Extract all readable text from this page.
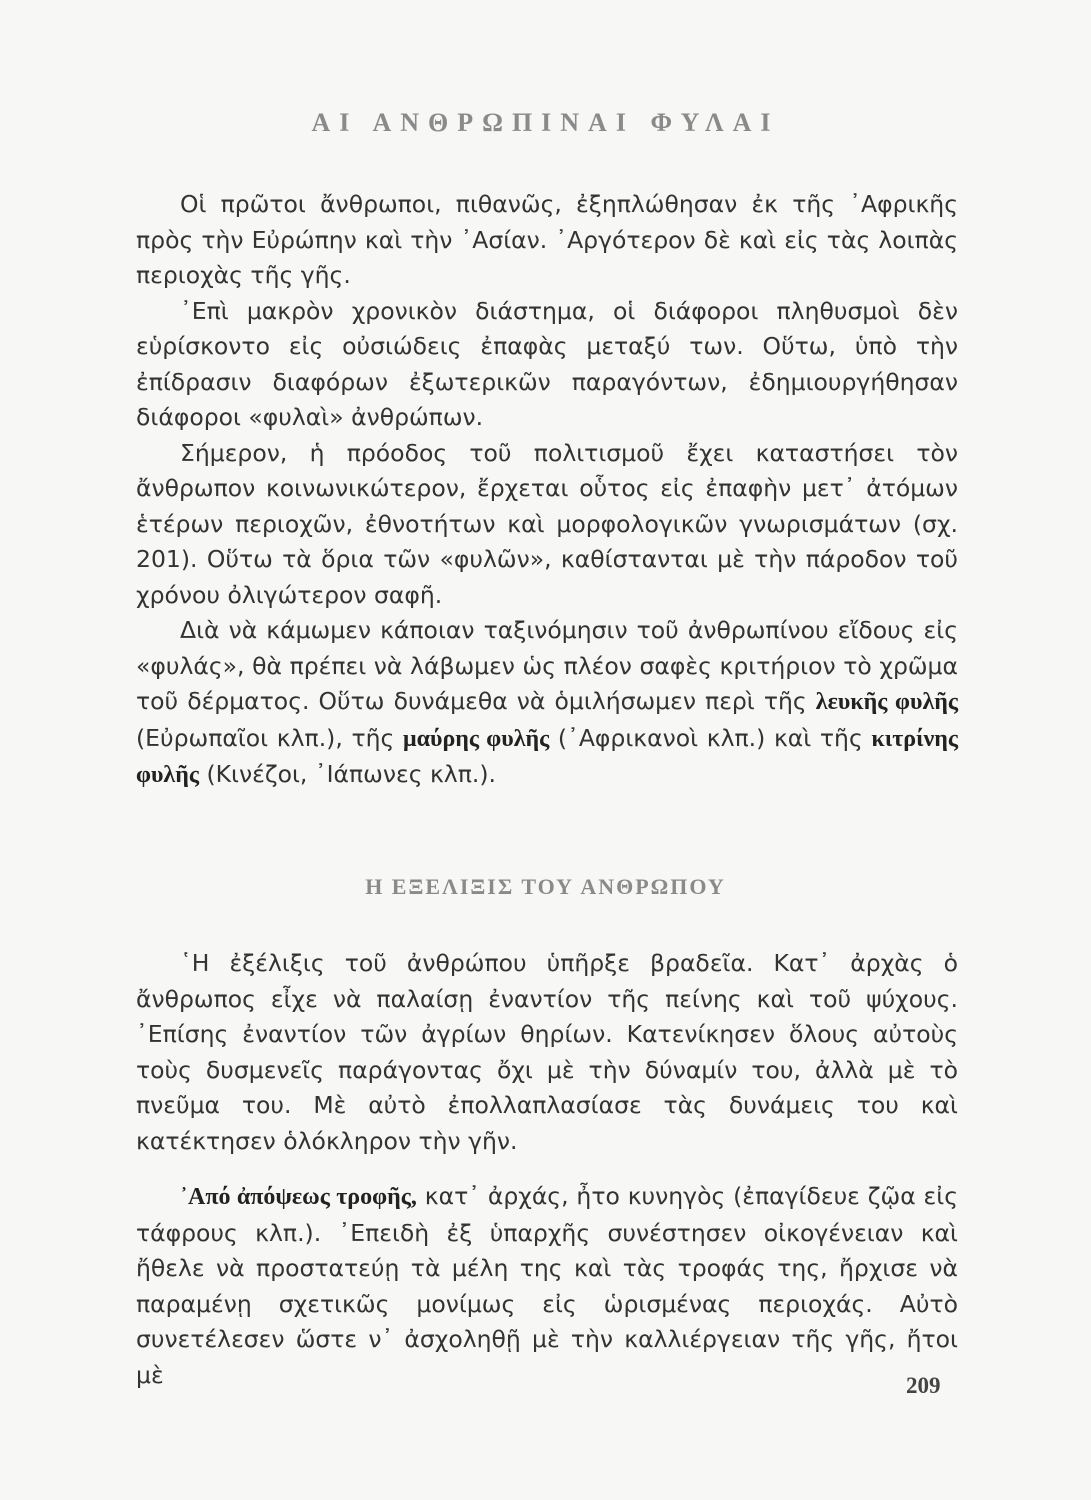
ΑΙ ΑΝΘΡΩΠΙΝΑΙ ΦΥΛΑΙ

Οἱ πρῶτοι ἄνθρωποι, πιθανῶς, ἐξηπλώθησαν ἐκ τῆς ᾿Αφρικῆς πρὸς τὴν Εὐρώπην καὶ τὴν ᾿Ασίαν. ᾿Αργότερον δὲ καὶ εἰς τὰς λοιπὰς περιοχὰς τῆς γῆς.

᾿Επὶ μακρὸν χρονικὸν διάστημα, οἱ διάφοροι πληθυσμοὶ δὲν εὑρίσκοντο εἰς οὐσιώδεις ἐπαφὰς μεταξύ των. Οὕτω, ὑπὸ τὴν ἐπίδρασιν διαφόρων ἐξωτερικῶν παραγόντων, ἐδημιουργήθησαν διάφοροι «φυλαὶ» ἀνθρώπων.

Σήμερον, ἡ πρόοδος τοῦ πολιτισμοῦ ἔχει καταστήσει τὸν ἄνθρωπον κοινωνικώτερον, ἔρχεται οὗτος εἰς ἐπαφὴν μετ᾿ ἀτόμων ἑτέρων περιοχῶν, ἐθνοτήτων καὶ μορφολογικῶν γνωρισμάτων (σχ. 201). Οὕτω τὰ ὅρια τῶν «φυλῶν», καθίστανται μὲ τὴν πάροδον τοῦ χρόνου ὀλιγώτερον σαφῆ.

Διὰ νὰ κάμωμεν κάποιαν ταξινόμησιν τοῦ ἀνθρωπίνου εἴδους εἰς «φυλάς», θὰ πρέπει νὰ λάβωμεν ὡς πλέον σαφὲς κριτήριον τὸ χρῶμα τοῦ δέρματος. Οὕτω δυνάμεθα νὰ ὁμιλήσωμεν περὶ τῆς λευκῆς φυλῆς (Εὐρωπαῖοι κλπ.), τῆς μαύρης φυλῆς (᾿Αφρικανοὶ κλπ.) καὶ τῆς κιτρίνης φυλῆς (Κινέζοι, ᾿Ιάπωνες κλπ.).

Η ΕΞΕΛΙΞΙΣ ΤΟΥ ΑΝΘΡΩΠΟΥ

῾Η ἐξέλιξις τοῦ ἀνθρώπου ὑπῆρξε βραδεῖα. Κατ᾿ ἀρχὰς ὁ ἄνθρωπος εἶχε νὰ παλαίσῃ ἐναντίον τῆς πείνης καὶ τοῦ ψύχους. ᾿Επίσης ἐναντίον τῶν ἀγρίων θηρίων. Κατενίκησεν ὅλους αὐτοὺς τοὺς δυσμενεῖς παράγοντας ὄχι μὲ τὴν δύναμίν του, ἀλλὰ μὲ τὸ πνεῦμα του. Μὲ αὐτὸ ἐπολλαπλασίασε τὰς δυνάμεις του καὶ κατέκτησεν ὁλόκληρον τὴν γῆν.

᾿Από ἀπόψεως τροφῆς, κατ᾿ ἀρχάς, ἦτο κυνηγὸς (ἐπαγίδευε ζῷα εἰς τάφρους κλπ.). ᾿Επειδὴ ἐξ ὑπαρχῆς συνέστησεν οἰκογένειαν καὶ ἤθελε νὰ προστατεύῃ τὰ μέλη της καὶ τὰς τροφάς της, ἤρχισε νὰ παραμένῃ σχετικῶς μονίμως εἰς ὡρισμένας περιοχάς. Αὐτὸ συνετέλεσεν ὥστε ν᾿ ἀσχοληθῇ μὲ τὴν καλλιέργειαν τῆς γῆς, ἤτοι μὲ	209
